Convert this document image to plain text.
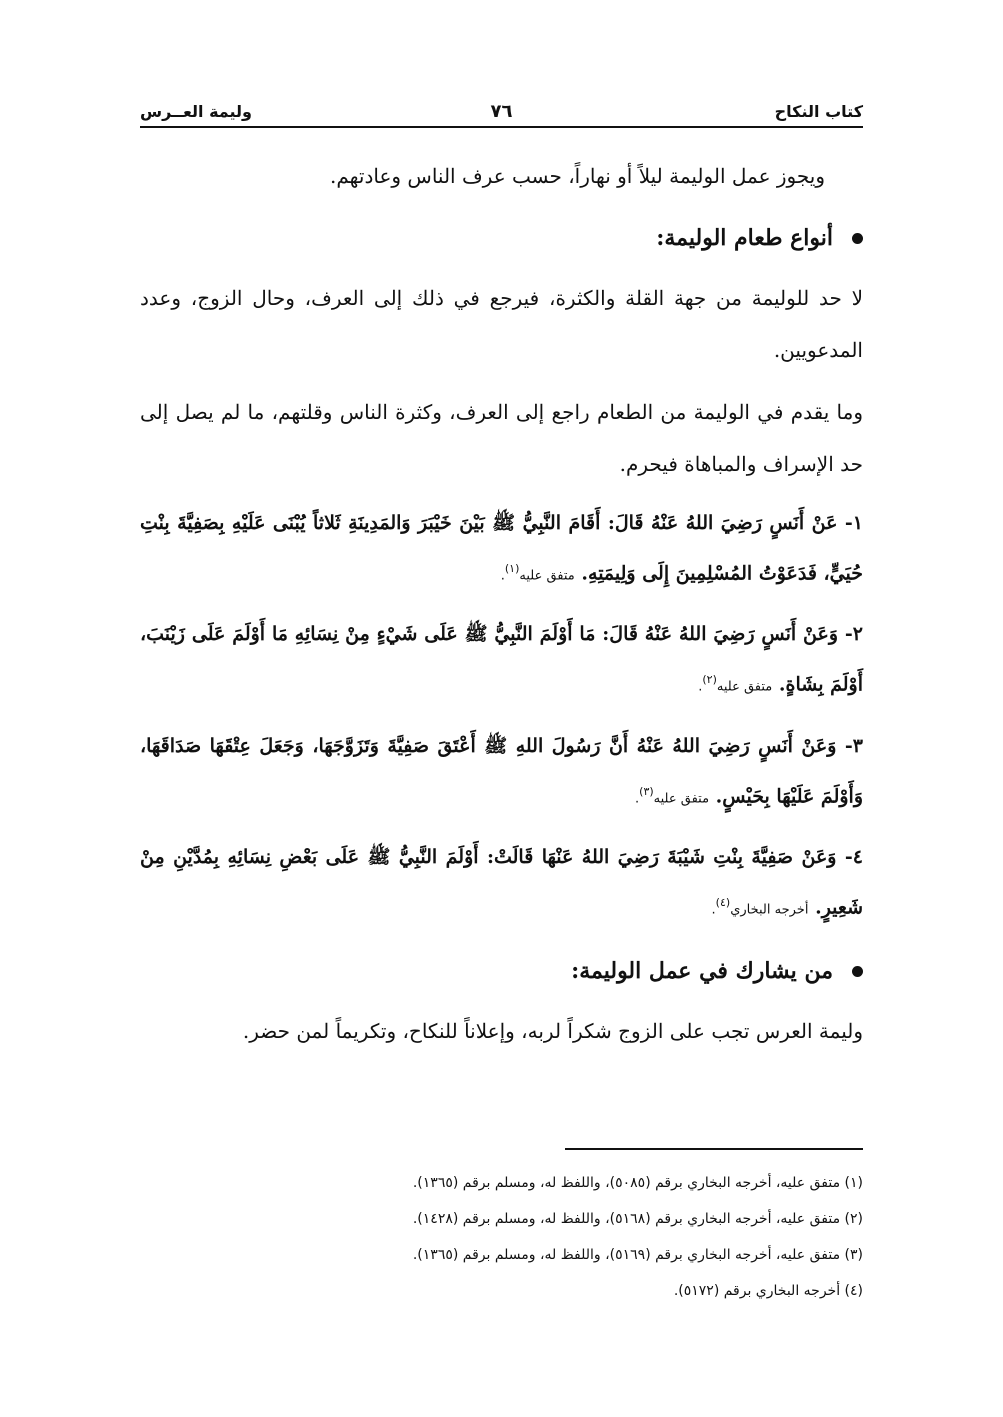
كتاب النكاح
٧٦
وليمة العــرس

ويجوز عمل الوليمة ليلاً أو نهاراً، حسب عرف الناس وعادتهم.

أنواع طعام الوليمة:

لا حد للوليمة من جهة القلة والكثرة، فيرجع في ذلك إلى العرف، وحال الزوج، وعدد المدعويين.

وما يقدم في الوليمة من الطعام راجع إلى العرف، وكثرة الناس وقلتهم، ما لم يصل إلى حد الإسراف والمباهاة فيحرم.

١- عَنْ أَنَسٍ رَضِيَ اللهُ عَنْهُ قَالَ: أَقَامَ النَّبِيُّ ﷺ بَيْنَ خَيْبَرَ وَالمَدِينَةِ ثَلاثاً يُبْنَى عَلَيْهِ بِصَفِيَّةَ بِنْتِ حُيَيٍّ، فَدَعَوْتُ المُسْلِمِينَ إِلَى وَلِيمَتِهِ. متفق عليه$^{(١)}$.

٢- وَعَنْ أَنَسٍ رَضِيَ اللهُ عَنْهُ قَالَ: مَا أَوْلَمَ النَّبِيُّ ﷺ عَلَى شَيْءٍ مِنْ نِسَائِهِ مَا أَوْلَمَ عَلَى زَيْنَبَ، أَوْلَمَ بِشَاةٍ. متفق عليه$^{(٢)}$.

٣- وَعَنْ أَنَسٍ رَضِيَ اللهُ عَنْهُ أَنَّ رَسُولَ اللهِ ﷺ أَعْتَقَ صَفِيَّةَ وَتَزَوَّجَهَا، وَجَعَلَ عِتْقَهَا صَدَاقَهَا، وَأَوْلَمَ عَلَيْهَا بِحَيْسٍ. متفق عليه$^{(٣)}$.

٤- وَعَنْ صَفِيَّةَ بِنْتِ شَيْبَةَ رَضِيَ اللهُ عَنْهَا قَالَتْ: أَوْلَمَ النَّبِيُّ ﷺ عَلَى بَعْضِ نِسَائِهِ بِمُدَّيْنِ مِنْ شَعِيرٍ. أخرجه البخاري$^{(٤)}$.

من يشارك في عمل الوليمة:

وليمة العرس تجب على الزوج شكراً لربه، وإعلاناً للنكاح، وتكريماً لمن حضر.

(١) متفق عليه، أخرجه البخاري برقم (٥٠٨٥)، واللفظ له، ومسلم برقم (١٣٦٥).
(٢) متفق عليه، أخرجه البخاري برقم (٥١٦٨)، واللفظ له، ومسلم برقم (١٤٢٨).
(٣) متفق عليه، أخرجه البخاري برقم (٥١٦٩)، واللفظ له، ومسلم برقم (١٣٦٥).
(٤) أخرجه البخاري برقم (٥١٧٢).
